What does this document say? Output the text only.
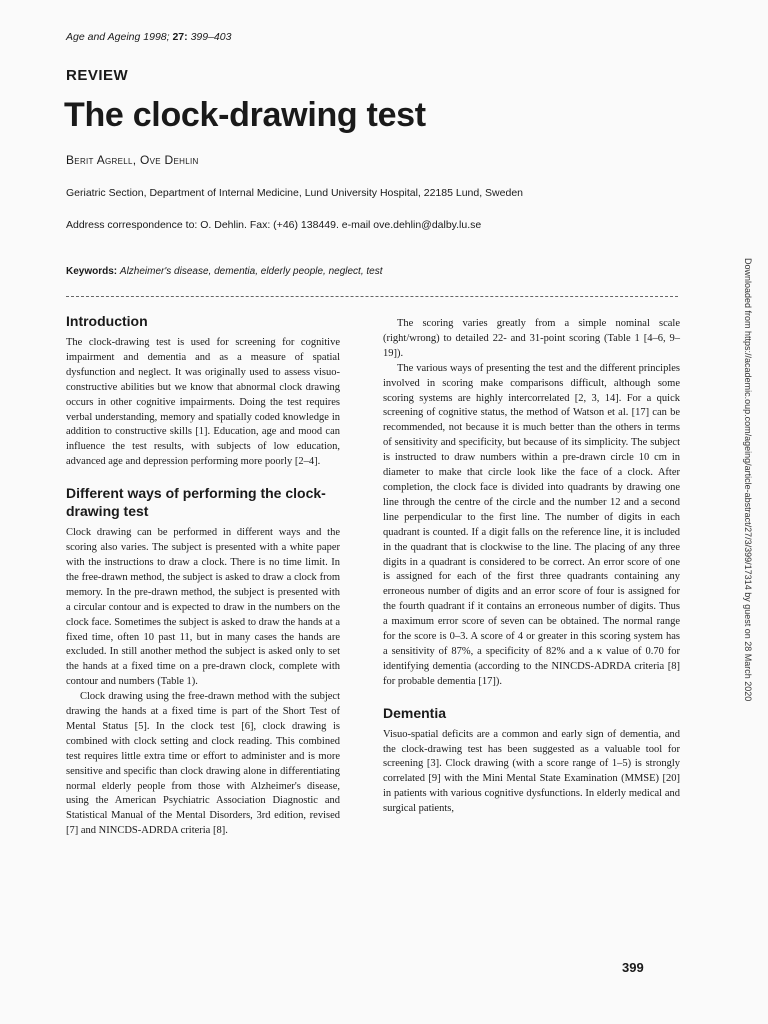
Age and Ageing 1998; 27: 399–403
REVIEW
The clock-drawing test
Berit Agrell, Ove Dehlin
Geriatric Section, Department of Internal Medicine, Lund University Hospital, 22185 Lund, Sweden
Address correspondence to: O. Dehlin. Fax: (+46) 138449. e-mail ove.dehlin@dalby.lu.se
Keywords: Alzheimer's disease, dementia, elderly people, neglect, test
Introduction

The clock-drawing test is used for screening for cognitive impairment and dementia and as a measure of spatial dysfunction and neglect. It was originally used to assess visuo-constructive abilities but we know that abnormal clock drawing occurs in other cognitive impairments. Doing the test requires verbal understanding, memory and spatially coded knowledge in addition to constructive skills [1]. Education, age and mood can influence the test results, with subjects of low education, advanced age and depression performing more poorly [2–4].

Different ways of performing the clock-drawing test

Clock drawing can be performed in different ways and the scoring also varies. The subject is presented with a white paper with the instructions to draw a clock. There is no time limit. In the free-drawn method, the subject is asked to draw a clock from memory. In the pre-drawn method, the subject is presented with a circular contour and is expected to draw in the numbers on the clock face. Sometimes the subject is asked to draw the hands at a fixed time, often 10 past 11, but in many cases the hands are excluded. In still another method the subject is asked only to set the hands at a fixed time on a pre-drawn clock, complete with contour and numbers (Table 1).

Clock drawing using the free-drawn method with the subject drawing the hands at a fixed time is part of the Short Test of Mental Status [5]. In the clock test [6], clock drawing is combined with clock setting and clock reading. This combined test requires little extra time or effort to administer and is more sensitive and specific than clock drawing alone in differentiating normal elderly people from those with Alzheimer's disease, using the American Psychiatric Association Diagnostic and Statistical Manual of the Mental Disorders, 3rd edition, revised [7] and NINCDS-ADRDA criteria [8].

The scoring varies greatly from a simple nominal scale (right/wrong) to detailed 22- and 31-point scoring (Table 1 [4–6, 9–19]).

The various ways of presenting the test and the different principles involved in scoring make comparisons difficult, although some scoring systems are highly intercorrelated [2, 3, 14]. For a quick screening of cognitive status, the method of Watson et al. [17] can be recommended, not because it is much better than the others in terms of sensitivity and specificity, but because of its simplicity. The subject is instructed to draw numbers within a pre-drawn circle 10 cm in diameter to make that circle look like the face of a clock. After completion, the clock face is divided into quadrants by drawing one line through the centre of the circle and the number 12 and a second line perpendicular to the first line. The number of digits in each quadrant is counted. If a digit falls on the reference line, it is included in the quadrant that is clockwise to the line. The placing of any three digits in a quadrant is considered to be correct. An error score of one is assigned for each of the first three quadrants containing any erroneous number of digits and an error score of four is assigned for the fourth quadrant if it contains an erroneous number of digits. Thus a maximum error score of seven can be obtained. The normal range for the score is 0–3. A score of 4 or greater in this scoring system has a sensitivity of 87%, a specificity of 82% and a κ value of 0.70 for identifying dementia (according to the NINCDS-ADRDA criteria [8] for probable dementia [17]).

Dementia

Visuo-spatial deficits are a common and early sign of dementia, and the clock-drawing test has been suggested as a valuable tool for screening [3]. Clock drawing (with a score range of 1–5) is strongly correlated [9] with the Mini Mental State Examination (MMSE) [20] in patients with various cognitive dysfunctions. In elderly medical and surgical patients,

399
Downloaded from https://academic.oup.com/ageing/article-abstract/27/3/399/17314 by guest on 28 March 2020
